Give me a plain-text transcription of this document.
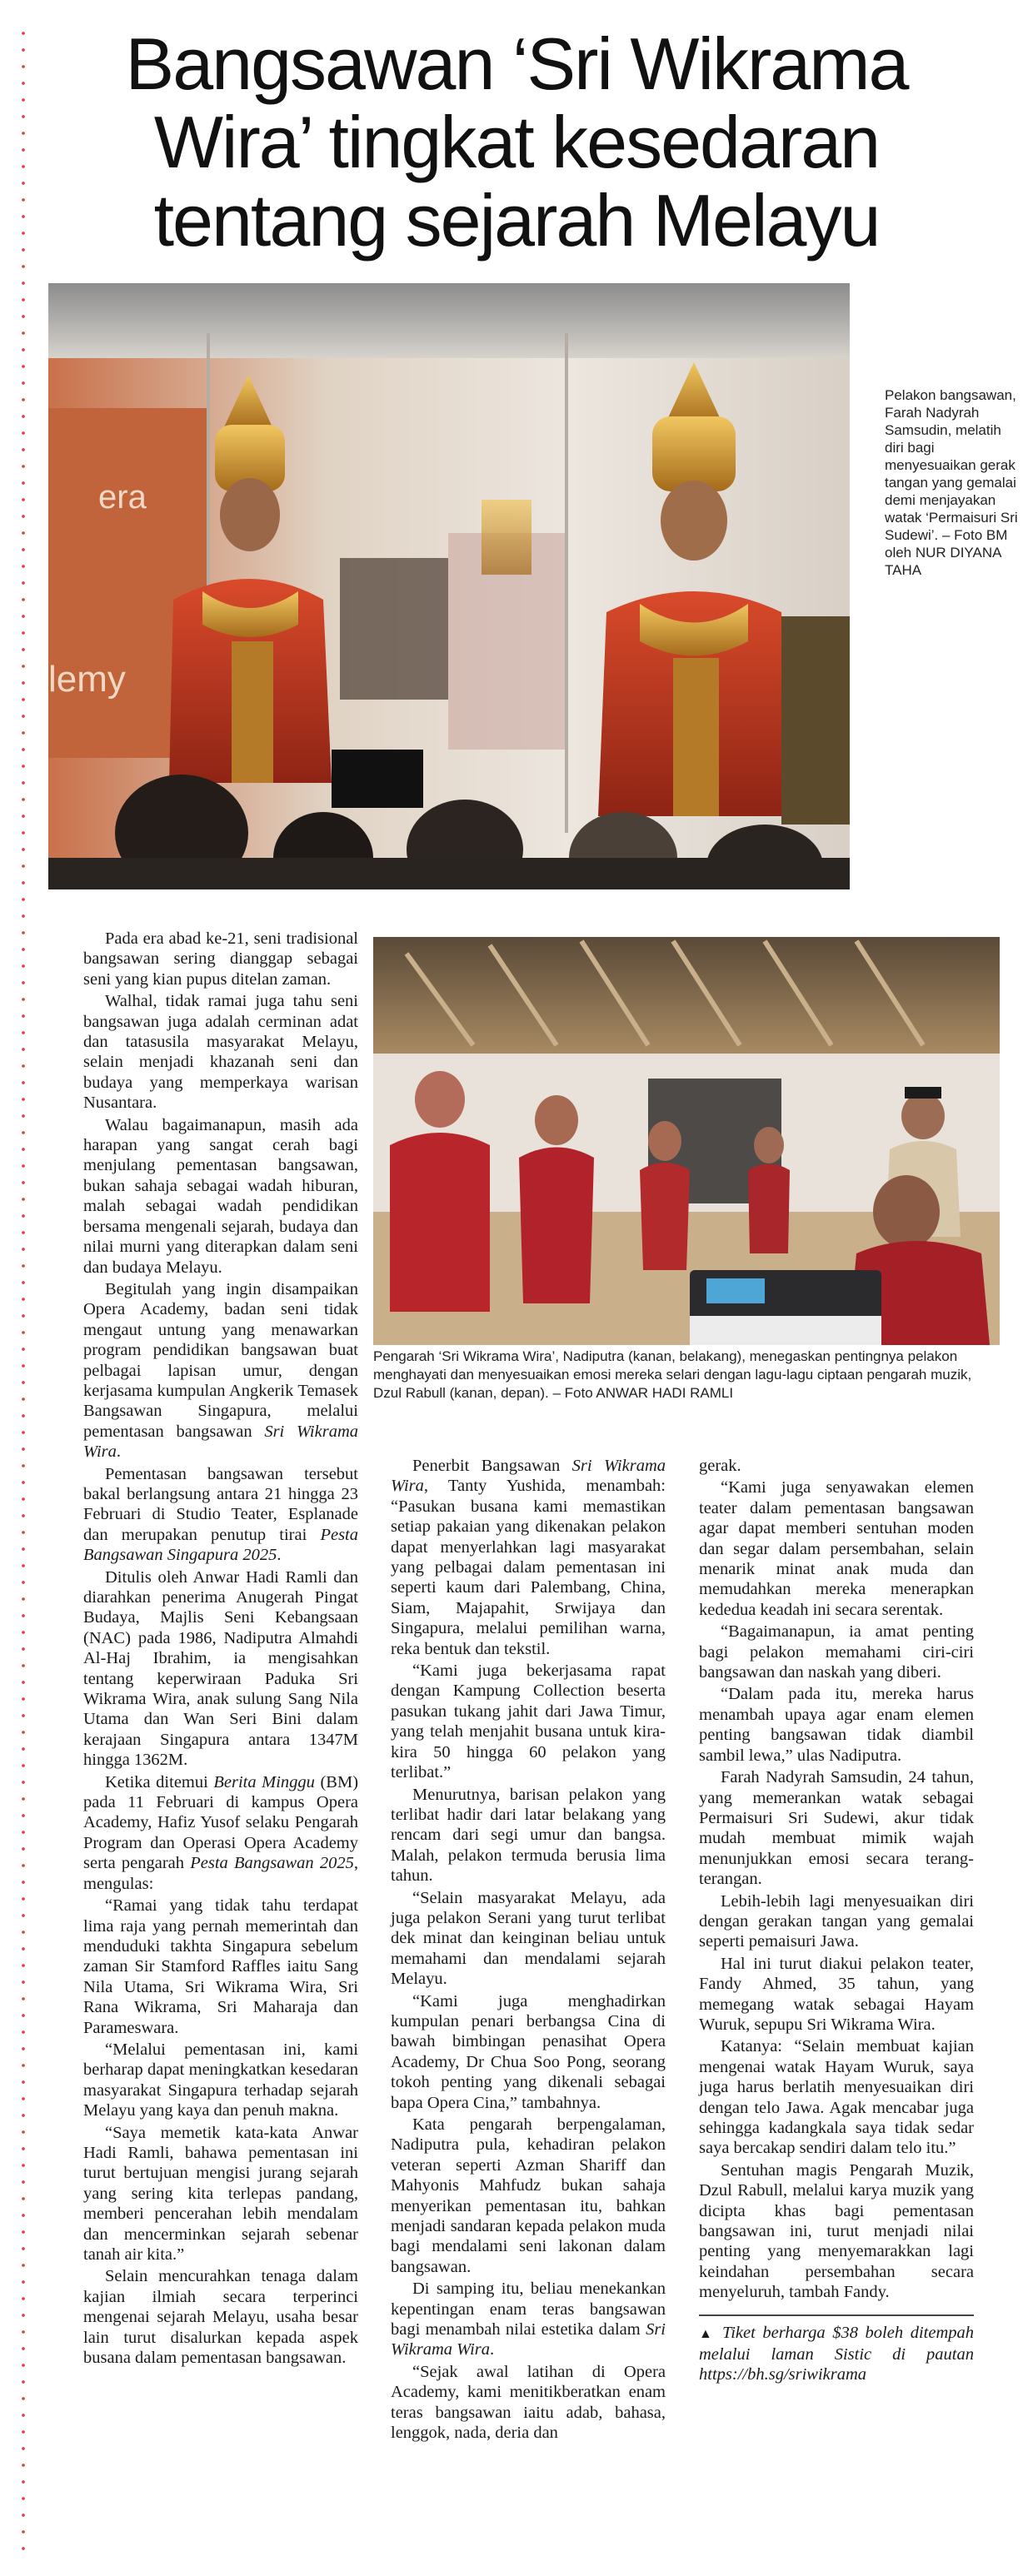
Bangsawan ‘Sri Wikrama
Wira’ tingkat kesedaran
tentang sejarah Melayu
era
lemy
Pelakon bangsawan, Farah Nadyrah Samsudin, melatih diri bagi menyesuaikan gerak tangan yang gemalai demi menjayakan watak ‘Permaisuri Sri Sudewi’. – Foto BM oleh NUR DIYANA TAHA
Pengarah ‘Sri Wikrama Wira’, Nadiputra (kanan, belakang), menegaskan pentingnya pelakon menghayati dan menyesuaikan emosi mereka selari dengan lagu-lagu ciptaan pengarah muzik, Dzul Rabull (kanan, depan). – Foto ANWAR HADI RAMLI

Pada era abad ke-21, seni tradisional bangsawan sering dianggap sebagai seni yang kian pupus ditelan zaman.

Walhal, tidak ramai juga tahu seni bangsawan juga adalah cerminan adat dan tatasusila masyarakat Melayu, selain menjadi khazanah seni dan budaya yang memperkaya warisan Nusantara.

Walau bagaimanapun, masih ada harapan yang sangat cerah bagi menjulang pementasan bangsawan, bukan sahaja sebagai wadah hiburan, malah sebagai wadah pendidikan bersama mengenali sejarah, budaya dan nilai murni yang diterapkan dalam seni dan budaya Melayu.

Begitulah yang ingin disampaikan Opera Academy, badan seni tidak mengaut untung yang menawarkan program pendidikan bangsawan buat pelbagai lapisan umur, dengan kerjasama kumpulan Angkerik Temasek Bangsawan Singapura, melalui pementasan bangsawan Sri Wikrama Wira.

Pementasan bangsawan tersebut bakal berlangsung antara 21 hingga 23 Februari di Studio Teater, Esplanade dan merupakan penutup tirai Pesta Bangsawan Singapura 2025.

Ditulis oleh Anwar Hadi Ramli dan diarahkan penerima Anugerah Pingat Budaya, Majlis Seni Kebangsaan (NAC) pada 1986, Nadiputra Almahdi Al-Haj Ibrahim, ia mengisahkan tentang keperwiraan Paduka Sri Wikrama Wira, anak sulung Sang Nila Utama dan Wan Seri Bini dalam kerajaan Singapura antara 1347M hingga 1362M.

Ketika ditemui Berita Minggu (BM) pada 11 Februari di kampus Opera Academy, Hafiz Yusof selaku Pengarah Program dan Operasi Opera Academy serta pengarah Pesta Bangsawan 2025, mengulas:

“Ramai yang tidak tahu terdapat lima raja yang pernah memerintah dan menduduki takhta Singapura sebelum zaman Sir Stamford Raffles iaitu Sang Nila Utama, Sri Wikrama Wira, Sri Rana Wikrama, Sri Maharaja dan Parameswara.

“Melalui pementasan ini, kami berharap dapat meningkatkan kesedaran masyarakat Singapura terhadap sejarah Melayu yang kaya dan penuh makna.

“Saya memetik kata-kata Anwar Hadi Ramli, bahawa pementasan ini turut bertujuan mengisi jurang sejarah yang sering kita terlepas pandang, memberi pencerahan lebih mendalam dan mencerminkan sejarah sebenar tanah air kita.”

Selain mencurahkan tenaga dalam kajian ilmiah secara terperinci mengenai sejarah Melayu, usaha besar lain turut disalurkan kepada aspek busana dalam pementasan bangsawan.

Penerbit Bangsawan Sri Wikrama Wira, Tanty Yushida, menambah: “Pasukan busana kami memastikan setiap pakaian yang dikenakan pelakon dapat menyerlahkan lagi masyarakat yang pelbagai dalam pementasan ini seperti kaum dari Palembang, China, Siam, Majapahit, Srwijaya dan Singapura, melalui pemilihan warna, reka bentuk dan tekstil.

“Kami juga bekerjasama rapat dengan Kampung Collection beserta pasukan tukang jahit dari Jawa Timur, yang telah menjahit busana untuk kira-kira 50 hingga 60 pelakon yang terlibat.”

Menurutnya, barisan pelakon yang terlibat hadir dari latar belakang yang rencam dari segi umur dan bangsa. Malah, pelakon termuda berusia lima tahun.

“Selain masyarakat Melayu, ada juga pelakon Serani yang turut terlibat dek minat dan keinginan beliau untuk memahami dan mendalami sejarah Melayu.

“Kami juga menghadirkan kumpulan penari berbangsa Cina di bawah bimbingan penasihat Opera Academy, Dr Chua Soo Pong, seorang tokoh penting yang dikenali sebagai bapa Opera Cina,” tambahnya.

Kata pengarah berpengalaman, Nadiputra pula, kehadiran pelakon veteran seperti Azman Shariff dan Mahyonis Mahfudz bukan sahaja menyerikan pementasan itu, bahkan menjadi sandaran kepada pelakon muda bagi mendalami seni lakonan dalam bangsawan.

Di samping itu, beliau menekankan kepentingan enam teras bangsawan bagi menambah nilai estetika dalam Sri Wikrama Wira.

“Sejak awal latihan di Opera Academy, kami menitikberatkan enam teras bangsawan iaitu adab, bahasa, lenggok, nada, deria dan

gerak.

“Kami juga senyawakan elemen teater dalam pementasan bangsawan agar dapat memberi sentuhan moden dan segar dalam persembahan, selain menarik minat anak muda dan memudahkan mereka menerapkan kededua keadah ini secara serentak.

“Bagaimanapun, ia amat penting bagi pelakon memahami ciri-ciri bangsawan dan naskah yang diberi.

“Dalam pada itu, mereka harus menambah upaya agar enam elemen penting bangsawan tidak diambil sambil lewa,” ulas Nadiputra.

Farah Nadyrah Samsudin, 24 tahun, yang memerankan watak sebagai Permaisuri Sri Sudewi, akur tidak mudah membuat mimik wajah menunjukkan emosi secara terang-terangan.

Lebih-lebih lagi menyesuaikan diri dengan gerakan tangan yang gemalai seperti pemaisuri Jawa.

Hal ini turut diakui pelakon teater, Fandy Ahmed, 35 tahun, yang memegang watak sebagai Hayam Wuruk, sepupu Sri Wikrama Wira.

Katanya: “Selain membuat kajian mengenai watak Hayam Wuruk, saya juga harus berlatih menyesuaikan diri dengan telo Jawa. Agak mencabar juga sehingga kadangkala saya tidak sedar saya bercakap sendiri dalam telo itu.”

Sentuhan magis Pengarah Muzik, Dzul Rabull, melalui karya muzik yang dicipta khas bagi pementasan bangsawan ini, turut menjadi nilai penting yang menyemarakkan lagi keindahan persembahan secara menyeluruh, tambah Fandy.

▲ Tiket berharga $38 boleh ditempah melalui laman Sistic di pautan https://bh.sg/sriwikrama
